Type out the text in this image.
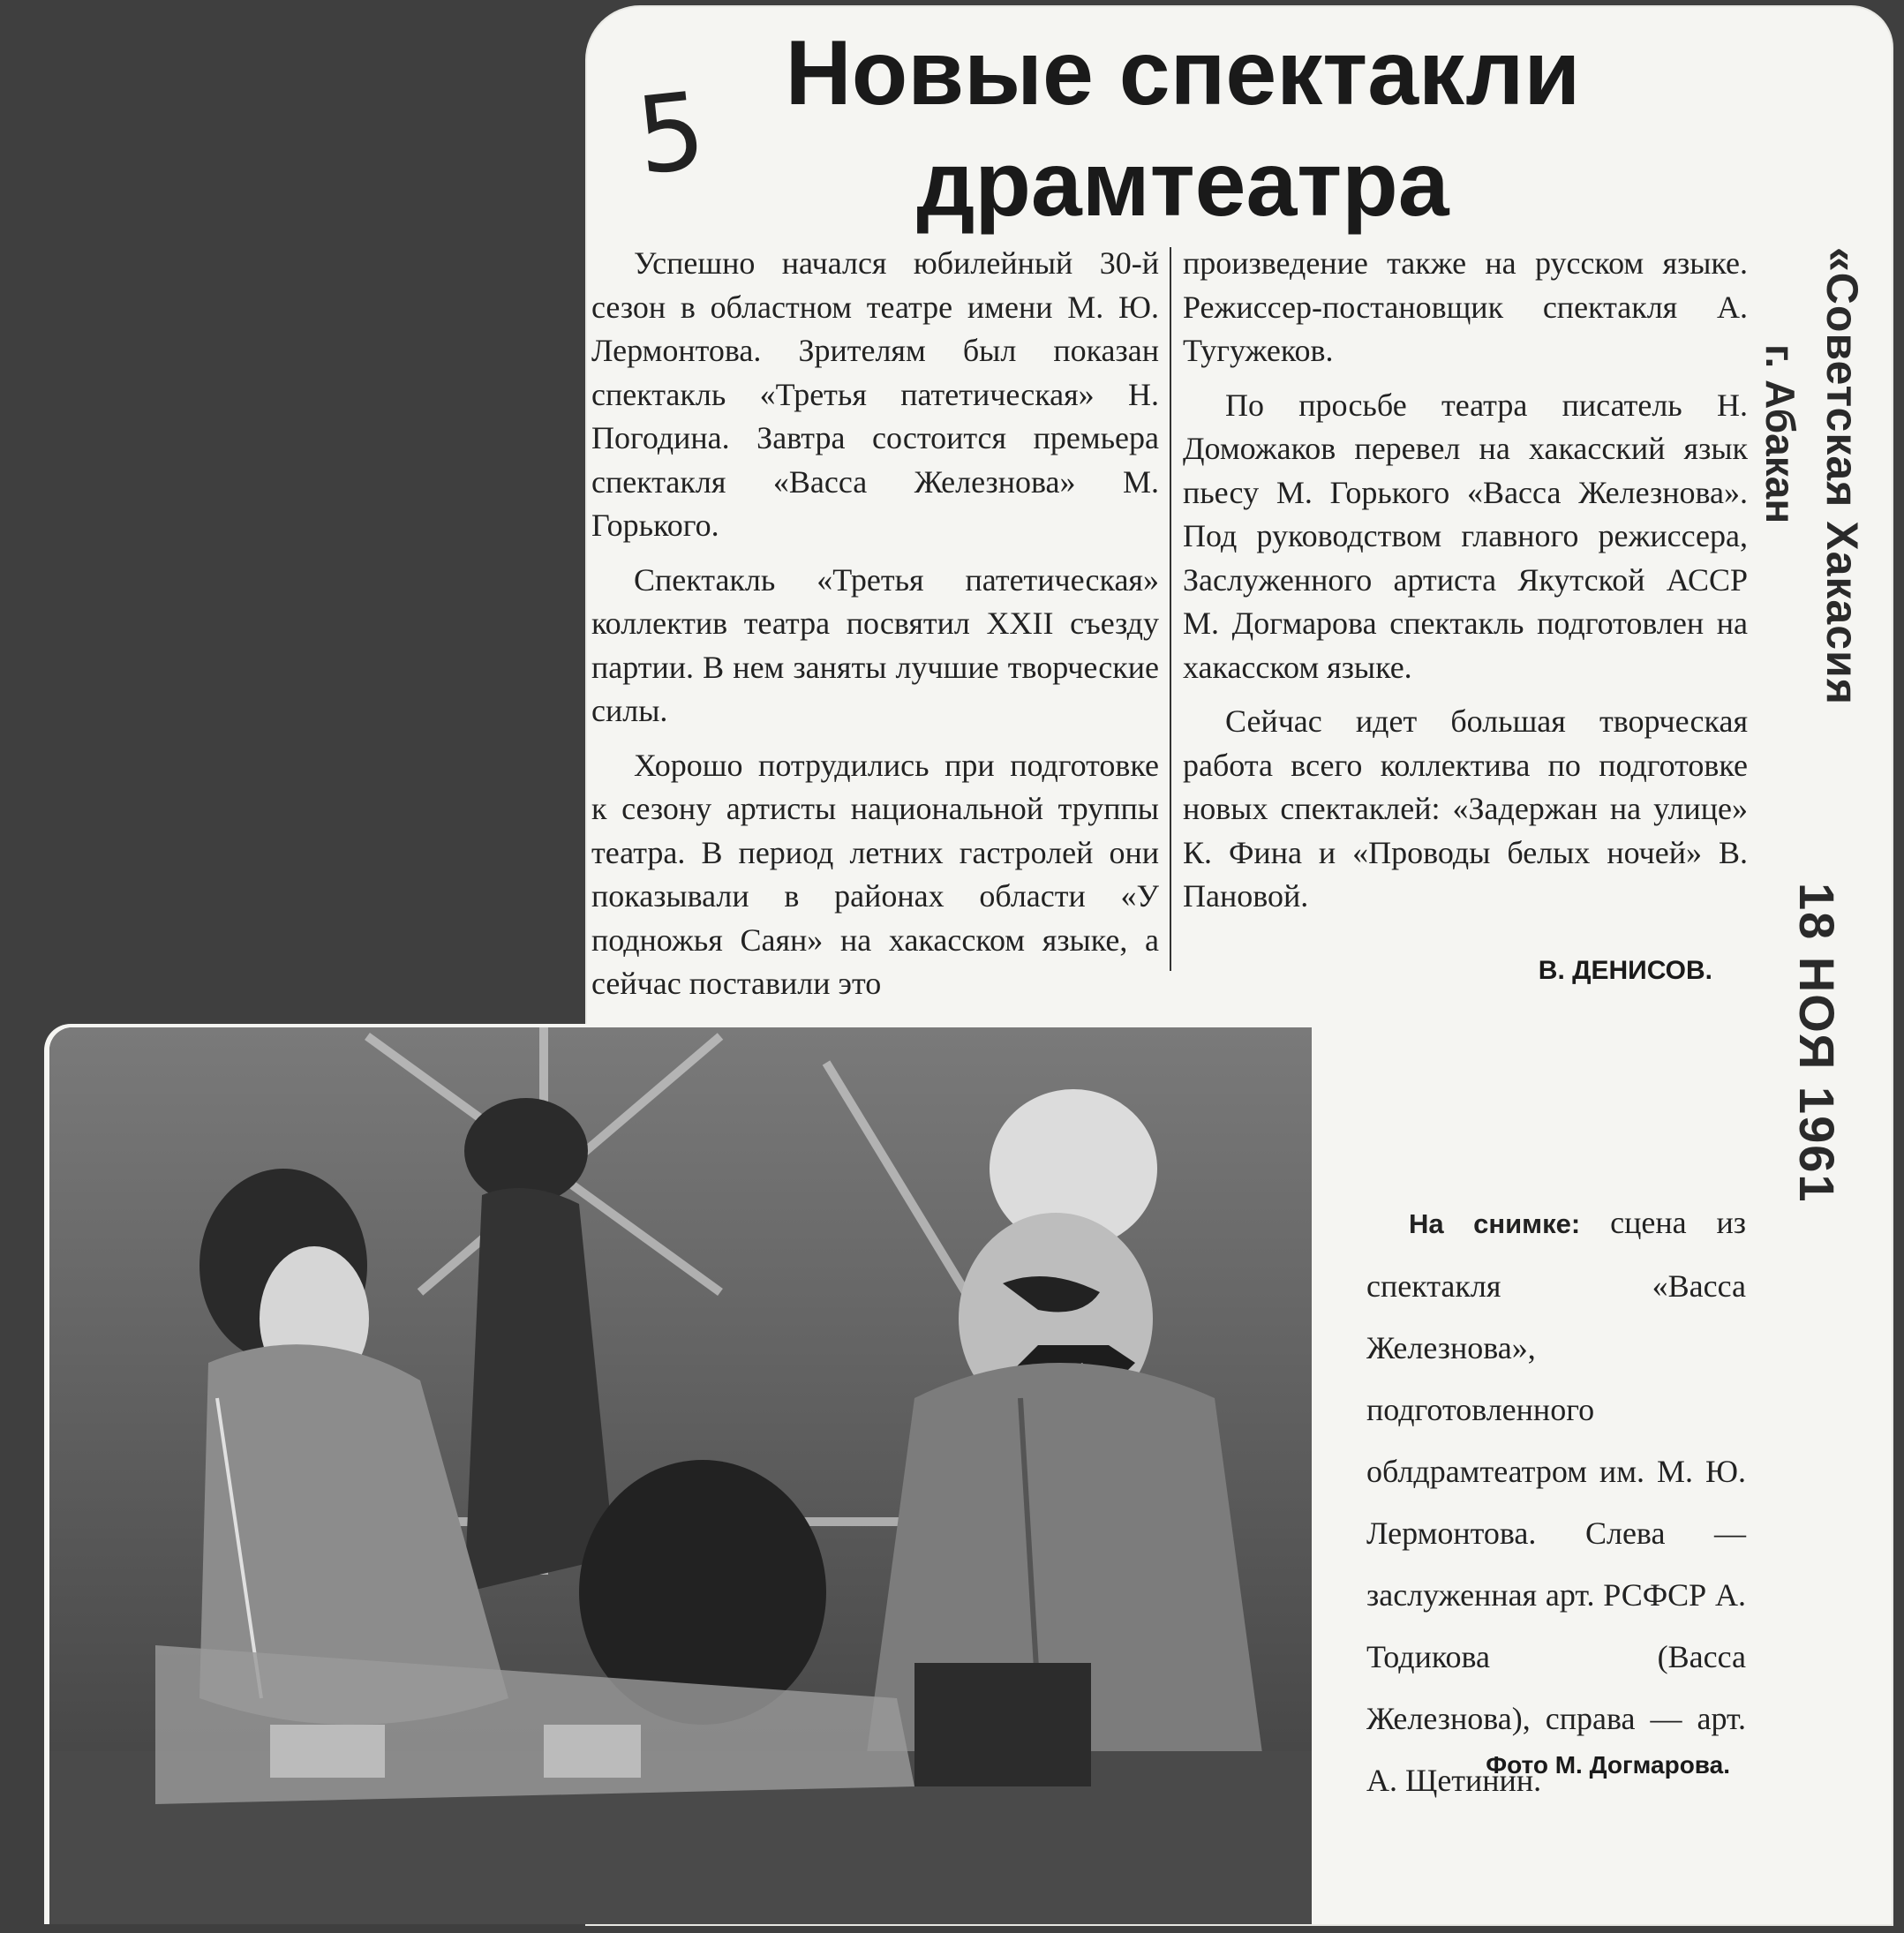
5 Новые спектакли
драмтеатра

Успешно начался юбилейный 30-й сезон в областном театре имени М. Ю. Лермонтова. Зрителям был показан спектакль «Третья патетическая» Н. Погодина. Завтра состоится премьера спектакля «Васса Железнова» М. Горького.

Спектакль «Третья патетическая» коллектив театра посвятил XXII съезду партии. В нем заняты лучшие творческие силы.

Хорошо потрудились при подготовке к сезону артисты национальной труппы театра. В период летних гастролей они показывали в районах области «У подножья Саян» на хакасском языке, а сейчас поставили это

произведение также на русском языке. Режиссер-постановщик спектакля А. Тугужеков.

По просьбе театра писатель Н. Доможаков перевел на хакасский язык пьесу М. Горького «Васса Железнова». Под руководством главного режиссера, Заслуженного артиста Якутской АССР М. Догмарова спектакль подготовлен на хакасском языке.

Сейчас идет большая творческая работа всего коллектива по подготовке новых спектаклей: «Задержан на улице» К. Фина и «Проводы белых ночей» В. Пановой.

В. ДЕНИСОВ.
«Советская Хакасия
г. Абакан
18 НОЯ 1961
На снимке: сцена из спектакля «Васса Железнова», подготовленного облдрамтеатром им. М. Ю. Лермонтова. Слева — заслуженная арт. РСФСР А. Тодикова (Васса Железнова), справа — арт. А. Щетинин.
Фото М. Догмарова.
